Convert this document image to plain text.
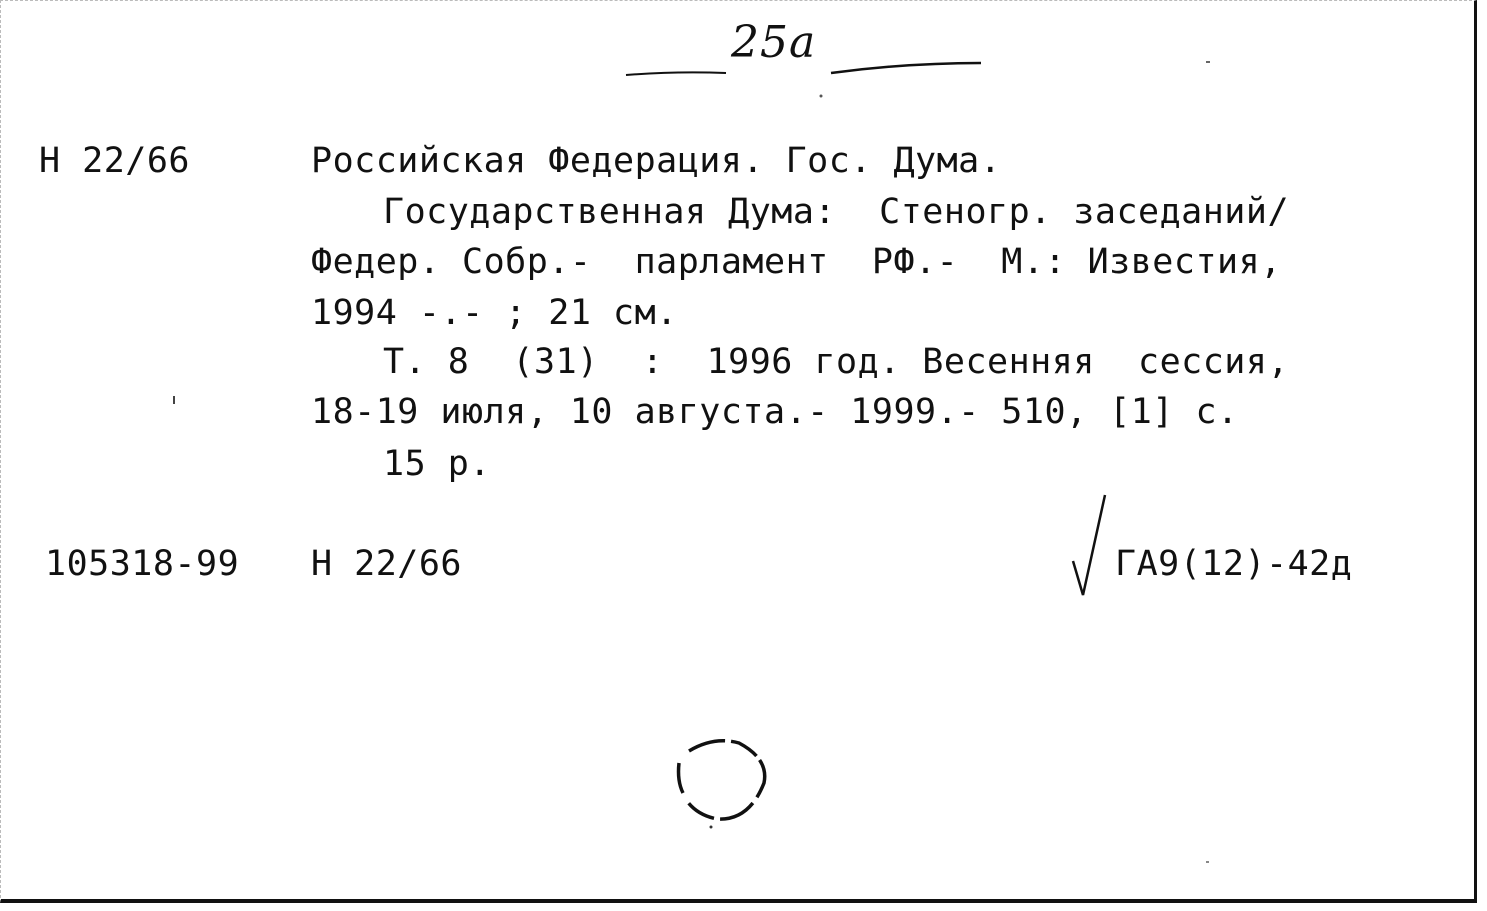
25а
Н 22/66	Российская Федерация. Гос. Дума.
Государственная Дума:  Стеногр. заседаний/
Федер. Собр.-  парламент  РФ.-  М.: Известия,
1994 -.- ; 21 см.
Т. 8  (31)  :  1996 год. Весенняя  сессия,
18-19 июля, 10 августа.- 1999.- 510, [1] с.
15 р.
105318-99 Н 22/66	ГА9(12)-42д
